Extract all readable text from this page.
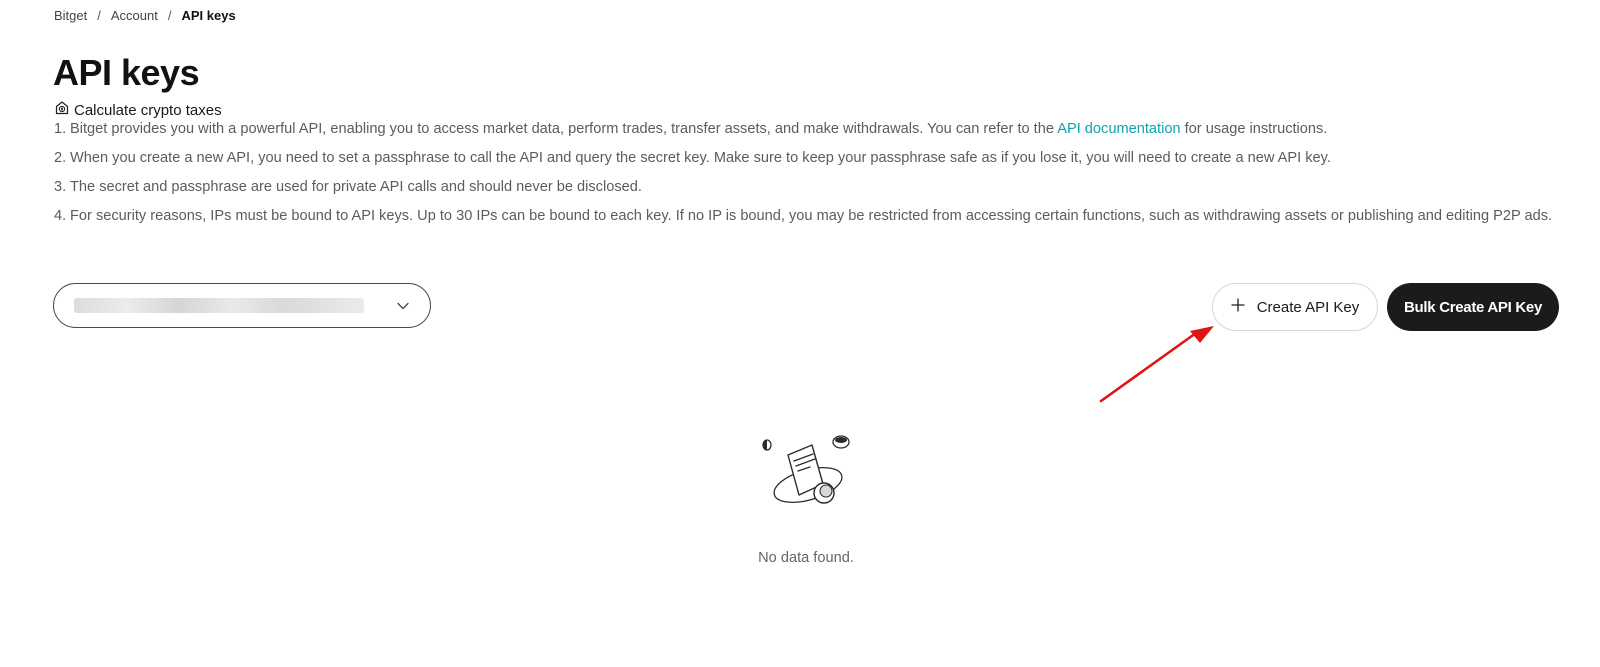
Bitget / Account / API keys
API keys
Calculate crypto taxes
1. Bitget provides you with a powerful API, enabling you to access market data, perform trades, transfer assets, and make withdrawals. You can refer to the API documentation for usage instructions.
2. When you create a new API, you need to set a passphrase to call the API and query the secret key. Make sure to keep your passphrase safe as if you lose it, you will need to create a new API key.
3. The secret and passphrase are used for private API calls and should never be disclosed.
4. For security reasons, IPs must be bound to API keys. Up to 30 IPs can be bound to each key. If no IP is bound, you may be restricted from accessing certain functions, such as withdrawing assets or publishing and editing P2P ads.
Create API Key	Bulk Create API Key
No data found.
